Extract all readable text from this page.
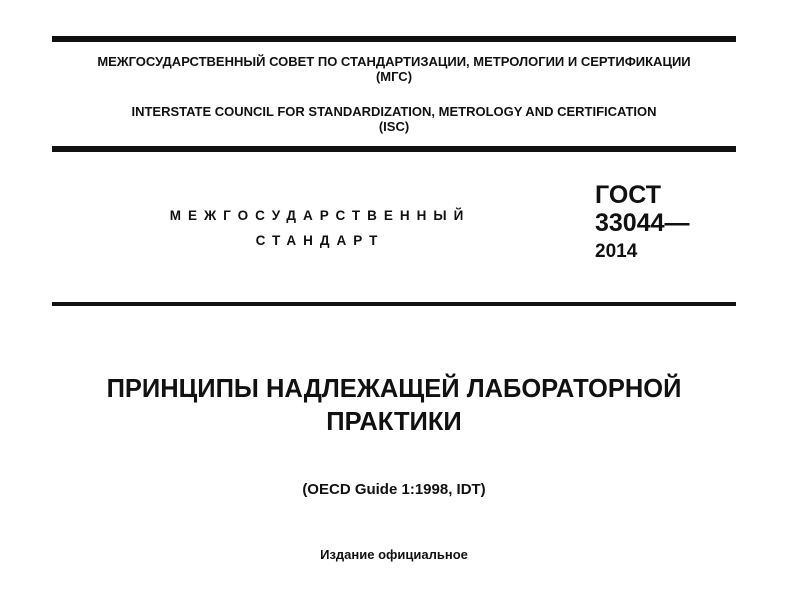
МЕЖГОСУДАРСТВЕННЫЙ СОВЕТ ПО СТАНДАРТИЗАЦИИ, МЕТРОЛОГИИ И СЕРТИФИКАЦИИ
(МГС)
INTERSTATE COUNCIL FOR STANDARDIZATION, METROLOGY AND CERTIFICATION
(ISC)
МЕЖГОСУДАРСТВЕННЫЙ
СТАНДАРТ
ГОСТ
33044—
2014
ПРИНЦИПЫ НАДЛЕЖАЩЕЙ ЛАБОРАТОРНОЙ
ПРАКТИКИ
(OECD Guide 1:1998, IDT)
Издание официальное
